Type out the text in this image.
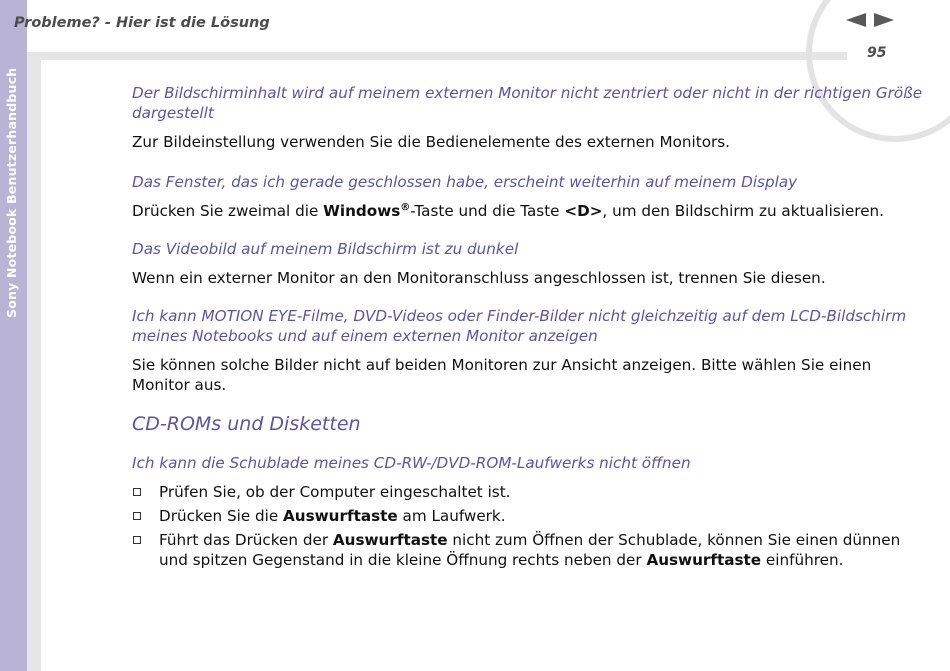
Sony Notebook Benutzerhandbuch
Probleme? - Hier ist die Lösung
95

Der Bildschirminhalt wird auf meinem externen Monitor nicht zentriert oder nicht in der richtigen Größe dargestellt

Zur Bildeinstellung verwenden Sie die Bedienelemente des externen Monitors.

Das Fenster, das ich gerade geschlossen habe, erscheint weiterhin auf meinem Display

Drücken Sie zweimal die Windows®-Taste und die Taste <D>, um den Bildschirm zu aktualisieren.

Das Videobild auf meinem Bildschirm ist zu dunkel

Wenn ein externer Monitor an den Monitoranschluss angeschlossen ist, trennen Sie diesen.

Ich kann MOTION EYE-Filme, DVD-Videos oder Finder-Bilder nicht gleichzeitig auf dem LCD-Bildschirm meines Notebooks und auf einem externen Monitor anzeigen

Sie können solche Bilder nicht auf beiden Monitoren zur Ansicht anzeigen. Bitte wählen Sie einen Monitor aus.

CD-ROMs und Disketten

Ich kann die Schublade meines CD-RW-/DVD-ROM-Laufwerks nicht öffnen

Prüfen Sie, ob der Computer eingeschaltet ist.
Drücken Sie die Auswurftaste am Laufwerk.
Führt das Drücken der Auswurftaste nicht zum Öffnen der Schublade, können Sie einen dünnen und spitzen Gegenstand in die kleine Öffnung rechts neben der Auswurftaste einführen.
